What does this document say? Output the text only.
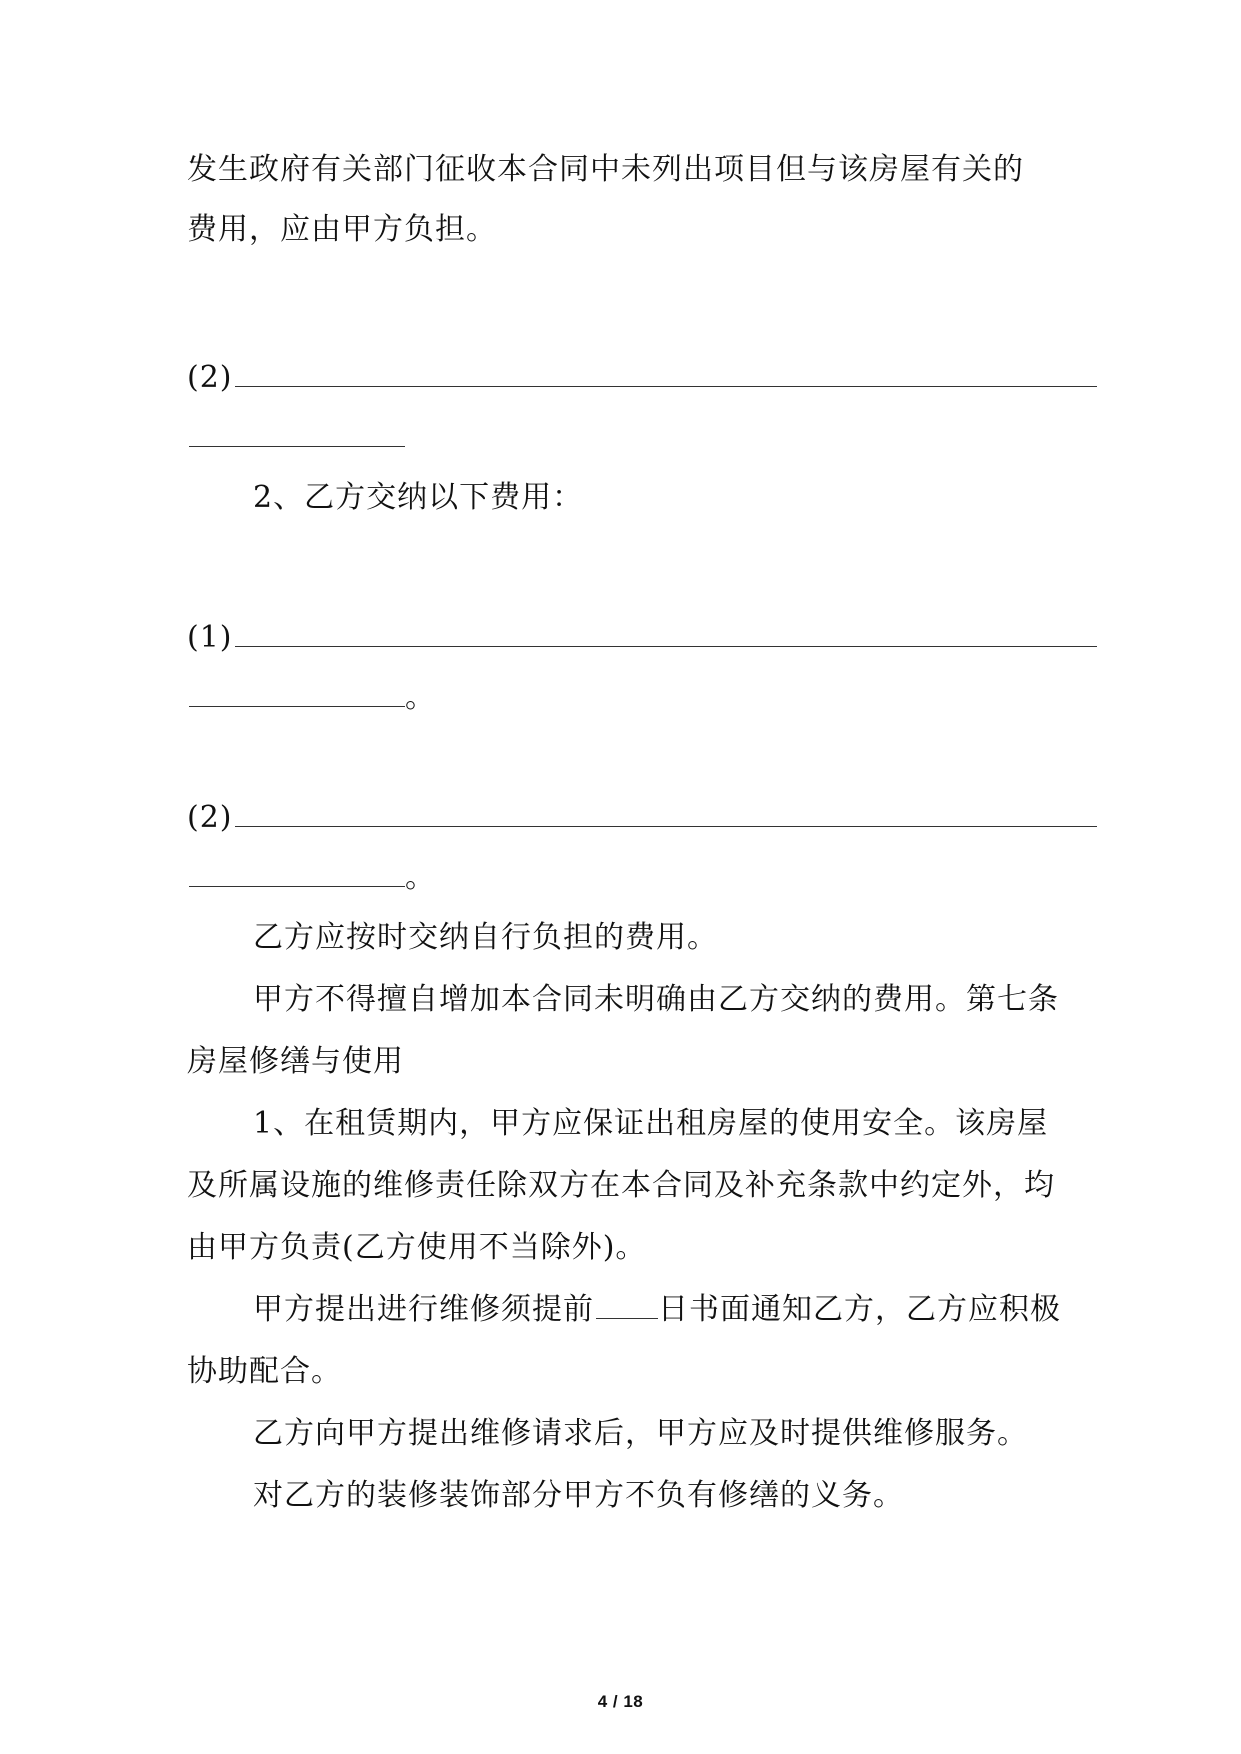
发生政府有关部门征收本合同中未列出项目但与该房屋有关的
费用，应由甲方负担。
(2)
2、乙方交纳以下费用：
(1)
。
(2)
。
乙方应按时交纳自行负担的费用。
甲方不得擅自增加本合同未明确由乙方交纳的费用。第七条
房屋修缮与使用
1、在租赁期内，甲方应保证出租房屋的使用安全。该房屋
及所属设施的维修责任除双方在本合同及补充条款中约定外，均
由甲方负责(乙方使用不当除外)。
甲方提出进行维修须提前 日书面通知乙方，乙方应积极
协助配合。
乙方向甲方提出维修请求后，甲方应及时提供维修服务。
对乙方的装修装饰部分甲方不负有修缮的义务。
4 / 18
